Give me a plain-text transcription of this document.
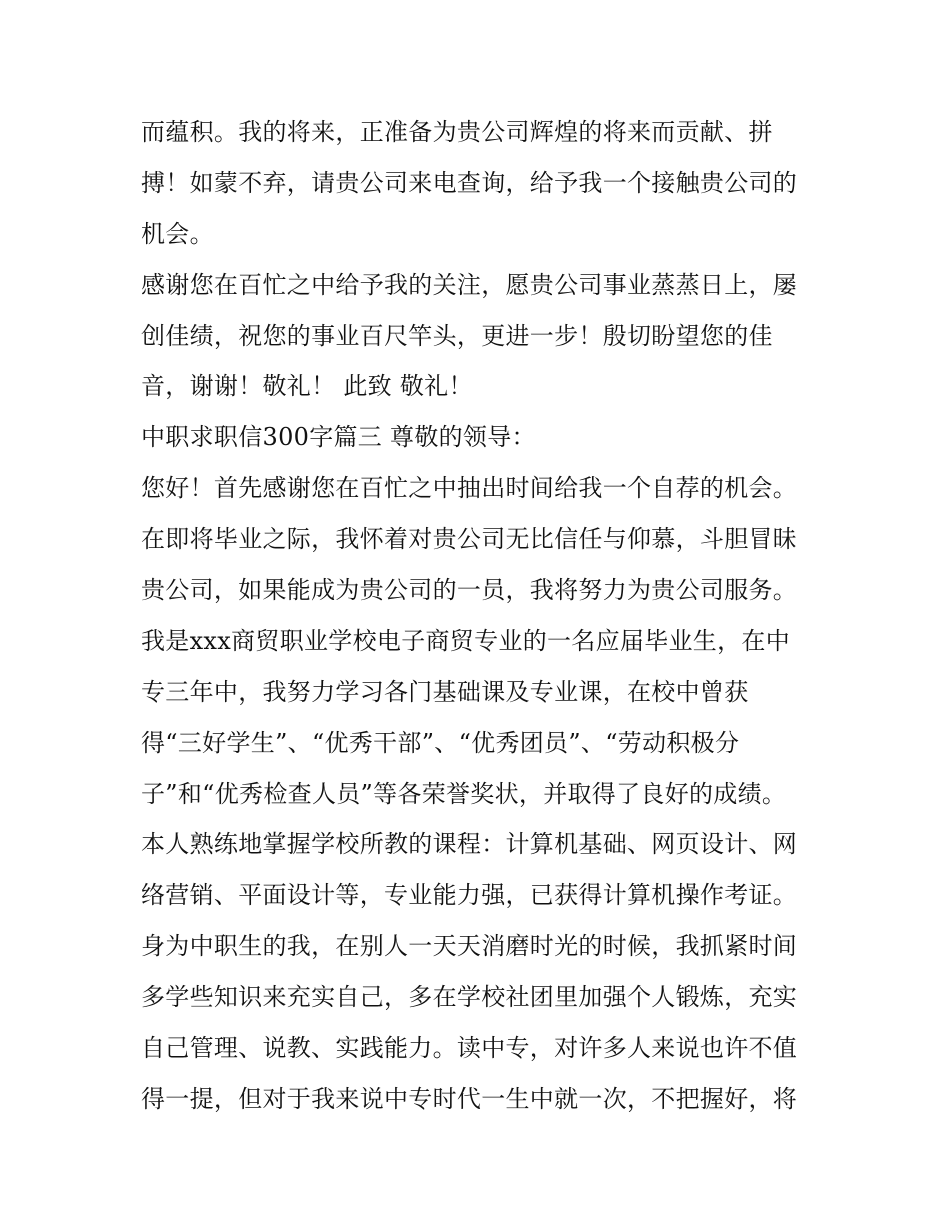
而蕴积。我的将来，正准备为贵公司辉煌的将来而贡献、拼
搏！如蒙不弃，请贵公司来电查询，给予我一个接触贵公司的
机会。
感谢您在百忙之中给予我的关注，愿贵公司事业蒸蒸日上，屡
创佳绩，祝您的事业百尺竿头，更进一步！殷切盼望您的佳
音，谢谢！敬礼！ 此致 敬礼！
中职求职信300字篇三 尊敬的领导：
您好！首先感谢您在百忙之中抽出时间给我一个自荐的机会。
在即将毕业之际，我怀着对贵公司无比信任与仰慕，斗胆冒昧
贵公司，如果能成为贵公司的一员，我将努力为贵公司服务。
我是xxx商贸职业学校电子商贸专业的一名应届毕业生，在中
专三年中，我努力学习各门基础课及专业课，在校中曾获
得“三好学生”、“优秀干部”、“优秀团员”、“劳动积极分
子”和“优秀检查人员”等各荣誉奖状，并取得了良好的成绩。
本人熟练地掌握学校所教的课程：计算机基础、网页设计、网
络营销、平面设计等，专业能力强，已获得计算机操作考证。
身为中职生的我，在别人一天天消磨时光的时候，我抓紧时间
多学些知识来充实自己，多在学校社团里加强个人锻炼，充实
自己管理、说教、实践能力。读中专，对许多人来说也许不值
得一提，但对于我来说中专时代一生中就一次，不把握好，将
